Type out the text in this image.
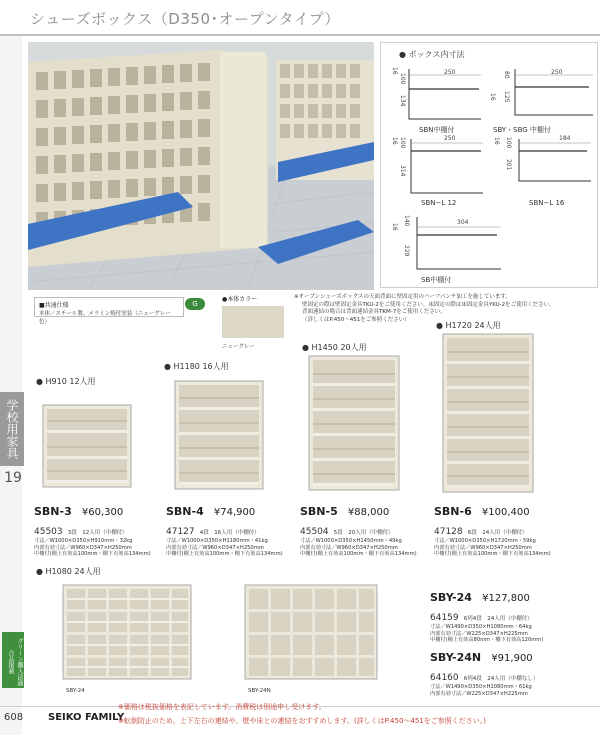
シューズボックス（D350･オープンタイプ）
学校用家具
19
グリーン購入法適合品掲載
● ボックス内寸法
250
16
100
134
SBN中棚付
250
16
80
125
SBY・SBG 中棚付
250
16 100
314
SBN−L 12
184
16 100
201
SBN−L 16
304
16
140
229
SB中棚付
■共通仕様
本体／スチール製、メラミン焼付塗装（ニューグレー色）
G
●本体カラー
ニューグレー
※オープンシューズボックスの天面背面に壁固定用のハーフパンチ加工を施しています。
壁固定の際は壁固定金具TKU-2をご使用ください。床固定の際は床固定金具YKU-2をご使用ください。
背面連結の場合は背面連結金具TKM-7をご使用ください。
（詳しくはP.450〜451をご参照ください）
● H910 12人用
● H1180 16人用
● H1450 20人用
● H1720 24人用
● H1080 24人用
SBN-3 ¥60,300
45503 3段　12人用（中棚付）
寸法／W1000×D350×H910mm・32kg
内部有効寸法／W960×D347×H250mm
中棚付(棚上有効高100mm・棚下有効高134mm)
SBN-4 ¥74,900
47127 4段　16人用（中棚付）
寸法／W1000×D350×H1180mm・41kg
内部有効寸法／W960×D347×H250mm
中棚付(棚上有効高100mm・棚下有効高134mm)
SBN-5 ¥88,000
45504 5段　20人用（中棚付）
寸法／W1000×D350×H1450mm・49kg
内部有効寸法／W960×D347×H250mm
中棚付(棚上有効高100mm・棚下有効高134mm)
SBN-6 ¥100,400
47128 6段　24人用（中棚付）
寸法／W1000×D350×H1720mm・59kg
内部有効寸法／W960×D347×H250mm
中棚付(棚上有効高100mm・棚下有効高134mm)
SBY-24	SBY-24N
SBY-24 ¥127,800
64159 6列4段　24人用（中棚付）
寸法／W1490×D350×H1080mm・64kg
内部有効寸法／W225×D347×H225mm
中棚付(棚上有効高80mm・棚下有効高120mm)
SBY-24N ¥91,900
64160 6列4段　24人用（中棚なし）
寸法／W1490×D350×H1080mm・61kg
内部有効寸法／W225×D347×H225mm
608 SEIKO FAMILY
※価格は税抜価格を表記しています。消費税は別途申し受けます。
※転倒防止のため、上下左右の連結や、壁や床との連結をおすすめします。(詳しくはP.450〜451をご参照ください。)
